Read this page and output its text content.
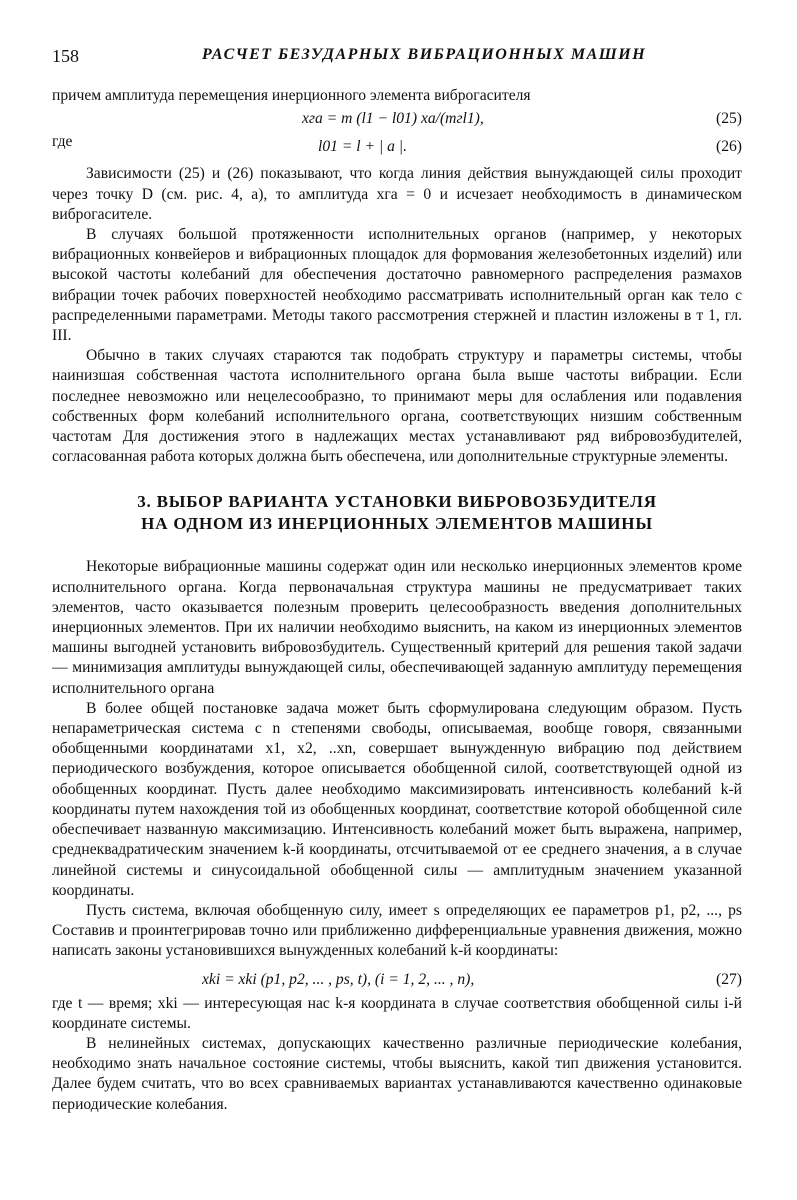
158	РАСЧЕТ БЕЗУДАРНЫХ ВИБРАЦИОННЫХ МАШИН

причем амплитуда перемещения инерционного элемента виброгасителя

xга = m (l1 − l01) xа/(mгl1),	(25)

где	l01 = l + | a |.	(26)

Зависимости (25) и (26) показывают, что когда линия действия вынуждающей силы проходит через точку D (см. рис. 4, а), то амплитуда xга = 0 и исчезает необходимость в динамическом виброгасителе.

В случаях большой протяженности исполнительных органов (например, у некоторых вибрационных конвейеров и вибрационных площадок для формования железобетонных изделий) или высокой частоты колебаний для обеспечения достаточно равномерного распределения размахов вибрации точек рабочих поверхностей необходимо рассматривать исполнительный орган как тело с распределенными параметрами. Методы такого рассмотрения стержней и пластин изложены в т 1, гл. III.

Обычно в таких случаях стараются так подобрать структуру и параметры системы, чтобы наинизшая собственная частота исполнительного органа была выше частоты вибрации. Если последнее невозможно или нецелесообразно, то принимают меры для ослабления или подавления собственных форм колебаний исполнительного органа, соответствующих низшим собственным частотам Для достижения этого в надлежащих местах устанавливают ряд вибровозбудителей, согласованная работа которых должна быть обеспечена, или дополнительные структурные элементы.

3. ВЫБОР ВАРИАНТА УСТАНОВКИ ВИБРОВОЗБУДИТЕЛЯ
НА ОДНОМ ИЗ ИНЕРЦИОННЫХ ЭЛЕМЕНТОВ МАШИНЫ

Некоторые вибрационные машины содержат один или несколько инерционных элементов кроме исполнительного органа. Когда первоначальная структура машины не предусматривает таких элементов, часто оказывается полезным проверить целесообразность введения дополнительных инерционных элементов. При их наличии необходимо выяснить, на каком из инерционных элементов машины выгодней установить вибровозбудитель. Существенный критерий для решения такой задачи — минимизация амплитуды вынуждающей силы, обеспечивающей заданную амплитуду перемещения исполнительного органа

В более общей постановке задача может быть сформулирована следующим образом. Пусть непараметрическая система с n степенями свободы, описываемая, вообще говоря, связанными обобщенными координатами x1, x2, ..xn, совершает вынужденную вибрацию под действием периодического возбуждения, которое описывается обобщенной силой, соответствующей одной из обобщенных координат. Пусть далее необходимо максимизировать интенсивность колебаний k-й координаты путем нахождения той из обобщенных координат, соответствие которой обобщенной силе обеспечивает названную максимизацию. Интенсивность колебаний может быть выражена, например, среднеквадратическим значением k-й координаты, отсчитываемой от ее среднего значения, а в случае линейной системы и синусоидальной обобщенной силы — амплитудным значением указанной координаты.

Пусть система, включая обобщенную силу, имеет s определяющих ее параметров p1, p2, ..., ps Составив и проинтегрировав точно или приближенно дифференциальные уравнения движения, можно написать законы установившихся вынужденных колебаний k-й координаты:

xki = xki (p1, p2, ... , ps, t), (i = 1, 2, ... , n),	(27)

где t — время; xki — интересующая нас k-я координата в случае соответствия обобщенной силы i-й координате системы.

В нелинейных системах, допускающих качественно различные периодические колебания, необходимо знать начальное состояние системы, чтобы выяснить, какой тип движения установится. Далее будем считать, что во всех сравниваемых вариантах устанавливаются качественно одинаковые периодические колебания.
